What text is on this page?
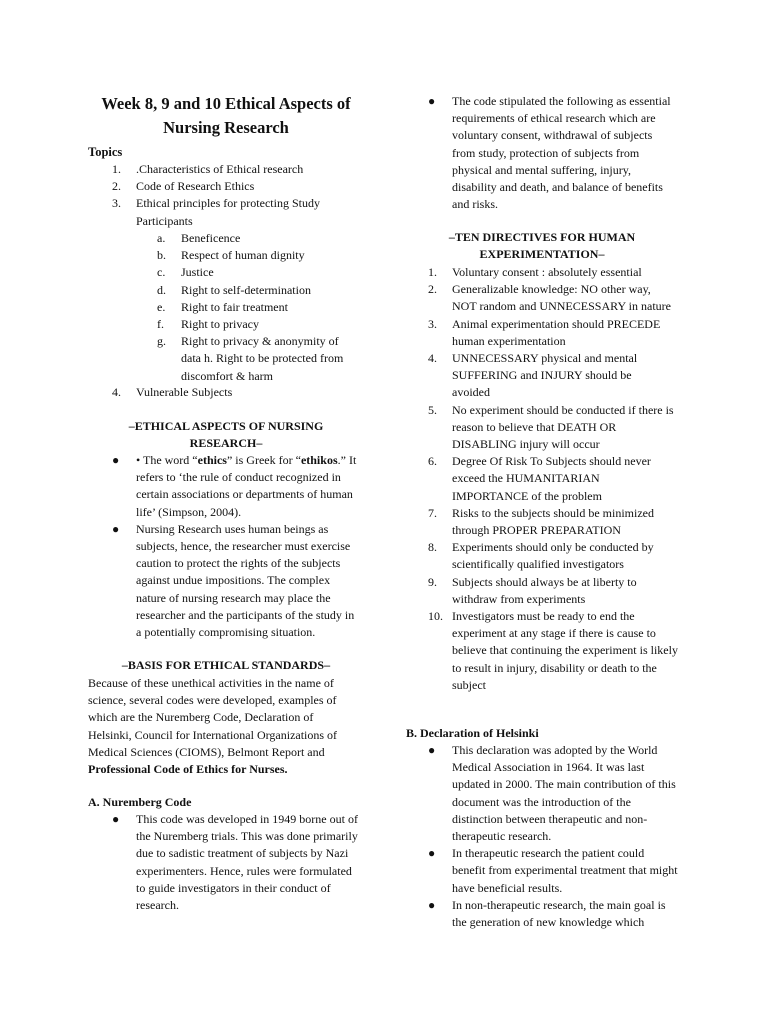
Week 8, 9 and 10 Ethical Aspects of
Nursing Research
Topics
1. .Characteristics of Ethical research
2. Code of Research Ethics
3. Ethical principles for protecting Study Participants
a. Beneficence
b. Respect of human dignity
c. Justice
d. Right to self-determination
e. Right to fair treatment
f. Right to privacy
g. Right to privacy & anonymity of data h. Right to be protected from discomfort & harm
4. Vulnerable Subjects
–ETHICAL ASPECTS OF NURSING
RESEARCH–
● • The word “ethics” is Greek for “ethikos.” It refers to ‘the rule of conduct recognized in certain associations or departments of human life’ (Simpson, 2004).
● Nursing Research uses human beings as subjects, hence, the researcher must exercise caution to protect the rights of the subjects against undue impositions. The complex nature of nursing research may place the researcher and the participants of the study in a potentially compromising situation.
–BASIS FOR ETHICAL STANDARDS–
Because of these unethical activities in the name of science, several codes were developed, examples of which are the Nuremberg Code, Declaration of Helsinki, Council for International Organizations of Medical Sciences (CIOMS), Belmont Report and Professional Code of Ethics for Nurses.
A. Nuremberg Code
● This code was developed in 1949 borne out of the Nuremberg trials. This was done primarily due to sadistic treatment of subjects by Nazi experimenters. Hence, rules were formulated to guide investigators in their conduct of research.
● The code stipulated the following as essential requirements of ethical research which are voluntary consent, withdrawal of subjects from study, protection of subjects from physical and mental suffering, injury, disability and death, and balance of benefits and risks.
–TEN DIRECTIVES FOR HUMAN
EXPERIMENTATION–
1. Voluntary consent : absolutely essential
2. Generalizable knowledge: NO other way, NOT random and UNNECESSARY in nature
3. Animal experimentation should PRECEDE human experimentation
4. UNNECESSARY physical and mental SUFFERING and INJURY should be avoided
5. No experiment should be conducted if there is reason to believe that DEATH OR DISABLING injury will occur
6. Degree Of Risk To Subjects should never exceed the HUMANITARIAN IMPORTANCE of the problem
7. Risks to the subjects should be minimized through PROPER PREPARATION
8. Experiments should only be conducted by scientifically qualified investigators
9. Subjects should always be at liberty to withdraw from experiments
10. Investigators must be ready to end the experiment at any stage if there is cause to believe that continuing the experiment is likely to result in injury, disability or death to the subject
B. Declaration of Helsinki
● This declaration was adopted by the World Medical Association in 1964. It was last updated in 2000. The main contribution of this document was the introduction of the distinction between therapeutic and non-therapeutic research.
● In therapeutic research the patient could benefit from experimental treatment that might have beneficial results.
● In non-therapeutic research, the main goal is the generation of new knowledge which
